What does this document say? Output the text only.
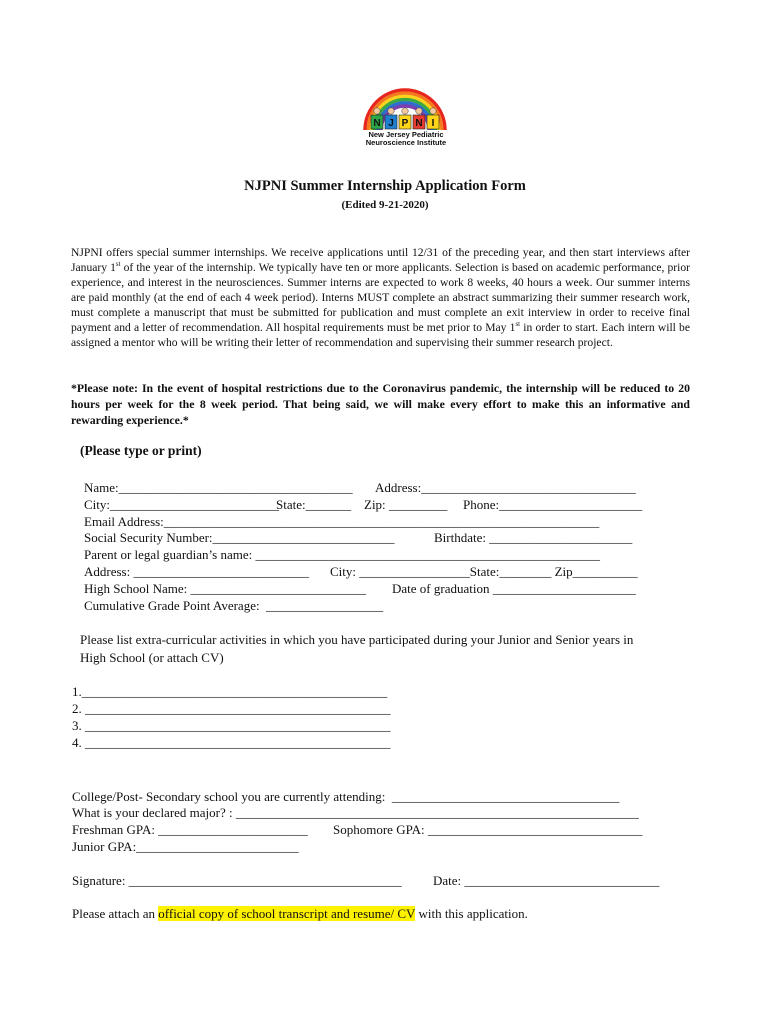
N J P N I
New Jersey Pediatric
Neuroscience Institute
NJPNI Summer Internship Application Form
(Edited 9-21-2020)
NJPNI offers special summer internships. We receive applications until 12/31 of the preceding year, and then start interviews after January 1st of the year of the internship. We typically have ten or more applicants. Selection is based on academic performance, prior experience, and interest in the neurosciences. Summer interns are expected to work 8 weeks, 40 hours a week. Our summer interns are paid monthly (at the end of each 4 week period). Interns MUST complete an abstract summarizing their summer research work, must complete a manuscript that must be submitted for publication and must complete an exit interview in order to receive final payment and a letter of recommendation. All hospital requirements must be met prior to May 1st in order to start. Each intern will be assigned a mentor who will be writing their letter of recommendation and supervising their summer research project.
*Please note: In the event of hospital restrictions due to the Coronavirus pandemic, the internship will be reduced to 20 hours per week for the 8 week period. That being said, we will make every effort to make this an informative and rewarding experience.*
(Please type or print)
Name:____________________________________ Address:_________________________________
City:__________________________
State:_______ Zip: _________ Phone:______________________
Email Address:___________________________________________________________________
Social Security Number:____________________________	Birthdate: ______________________
Parent or legal guardian’s name: _____________________________________________________
Address: ___________________________ City: _________________State:________ Zip__________
High School Name: ___________________________ Date of graduation ______________________
Cumulative Grade Point Average:  __________________
Please list extra-curricular activities in which you have participated during your Junior and Senior years in
High School (or attach CV)
1._______________________________________________
2. _______________________________________________
3. _______________________________________________
4. _______________________________________________
College/Post- Secondary school you are currently attending:  ___________________________________
What is your declared major? : ______________________________________________________________
Freshman GPA: _______________________ Sophomore GPA: _________________________________
Junior GPA:_________________________
Signature: __________________________________________ Date: ______________________________
Please attach an official copy of school transcript and resume/ CV with this application.
